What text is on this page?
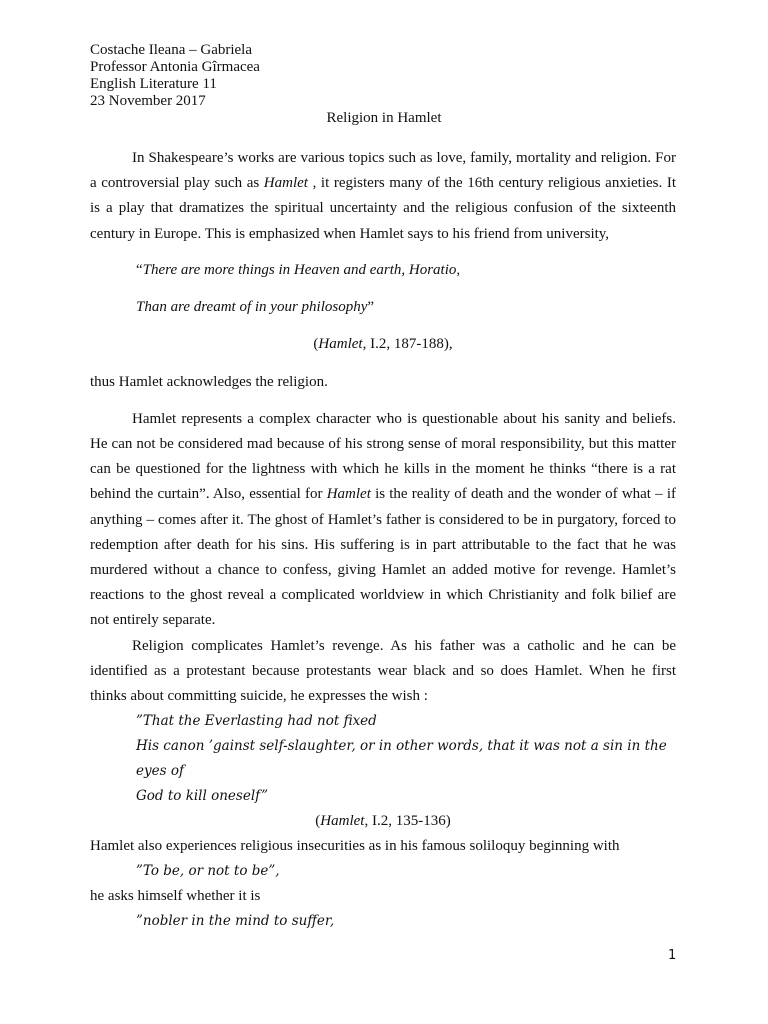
Costache Ileana – Gabriela
Professor Antonia Gîrmacea
English Literature 11
23 November 2017
Religion in Hamlet

In Shakespeare’s works are various topics such as love, family, mortality and religion. For a controversial play such as Hamlet , it registers many of the 16th century religious anxieties. It is a play that dramatizes the spiritual uncertainty and the religious confusion of the sixteenth century in Europe. This is emphasized when Hamlet says to his friend from university,

“There are more things in Heaven and earth, Horatio,

Than are dreamt of in your philosophy”

(Hamlet, I.2, 187-188),

thus Hamlet acknowledges the religion.

Hamlet represents a complex character who is questionable about his sanity and beliefs. He can not be considered mad because of his strong sense of moral responsibility, but this matter can be questioned for the lightness with which he kills in the moment he thinks “there is a rat behind the curtain”. Also, essential for Hamlet is the reality of death and the wonder of what – if anything – comes after it. The ghost of Hamlet’s father is considered to be in purgatory, forced to redemption after death for his sins. His suffering is in part attributable to the fact that he was murdered without a chance to confess, giving Hamlet an added motive for revenge. Hamlet’s reactions to the ghost reveal a complicated worldview in which Christianity and folk bilief are not entirely separate.

Religion complicates Hamlet’s revenge. As his father was a catholic and he can be identified as a protestant because protestants wear black and so does Hamlet. When he first thinks about committing suicide, he expresses the wish :

”That the Everlasting had not fixed

His canon ’gainst self-slaughter, or in other words, that it was not a sin in the eyes of

God to kill oneself”

(Hamlet, I.2, 135-136)

Hamlet also experiences religious insecurities as in his famous soliloquy beginning with

”To be, or not to be”,

he asks himself whether it is

”nobler in the mind to suffer,

1
